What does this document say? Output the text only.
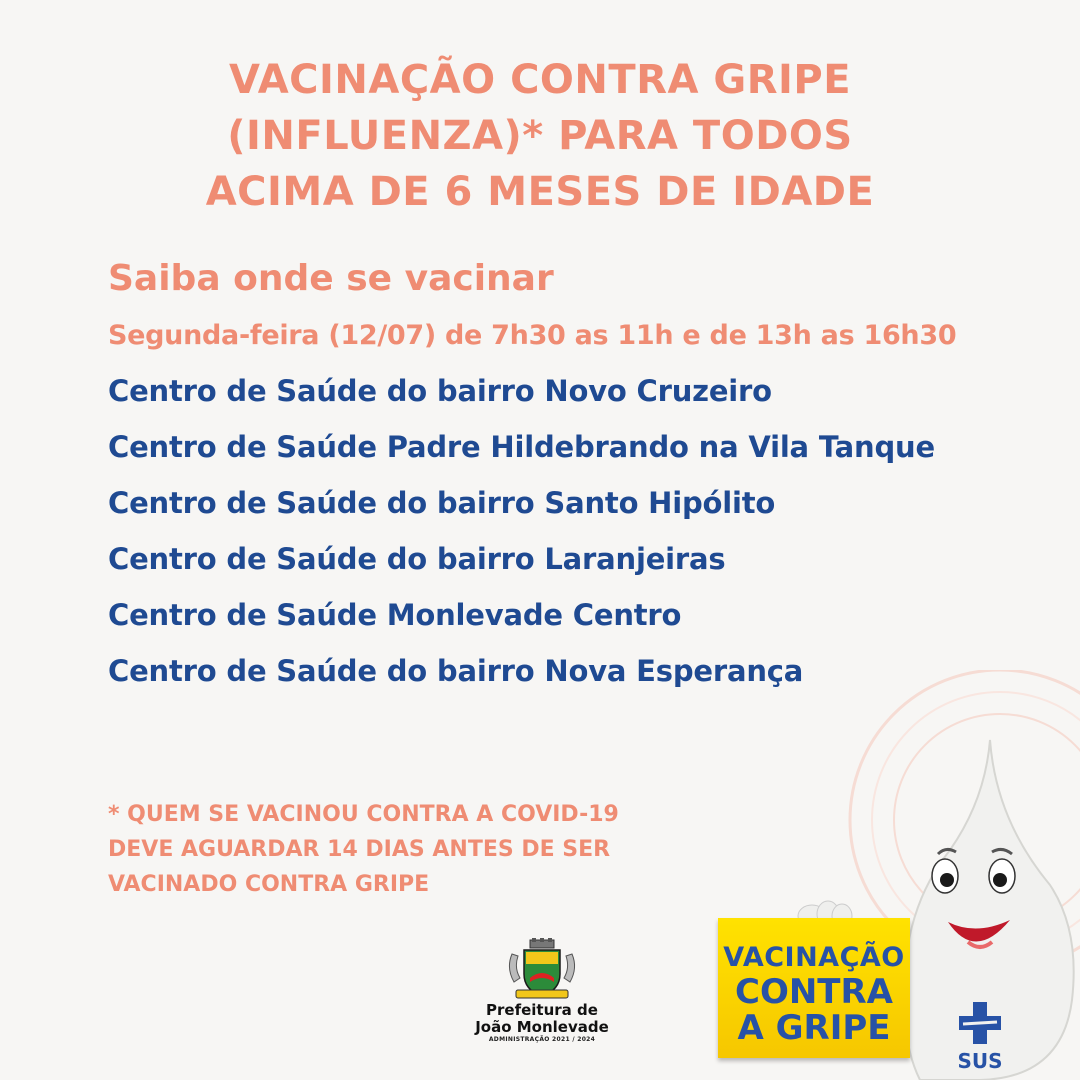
VACINAÇÃO CONTRA GRIPE
(INFLUENZA)* PARA TODOS
ACIMA DE 6 MESES DE IDADE
Saiba onde se vacinar
Segunda-feira (12/07) de 7h30 as 11h e de 13h as 16h30
Centro de Saúde do bairro Novo Cruzeiro
Centro de Saúde Padre Hildebrando na Vila Tanque
Centro de Saúde do bairro Santo Hipólito
Centro de Saúde do bairro Laranjeiras
Centro de Saúde Monlevade Centro
Centro de Saúde do bairro Nova Esperança
* QUEM SE VACINOU CONTRA A COVID-19
DEVE AGUARDAR 14 DIAS ANTES DE SER
VACINADO CONTRA GRIPE
Prefeitura de
João Monlevade
ADMINISTRAÇÃO 2021 / 2024
VACINAÇÃO
CONTRA
A GRIPE
SUS
